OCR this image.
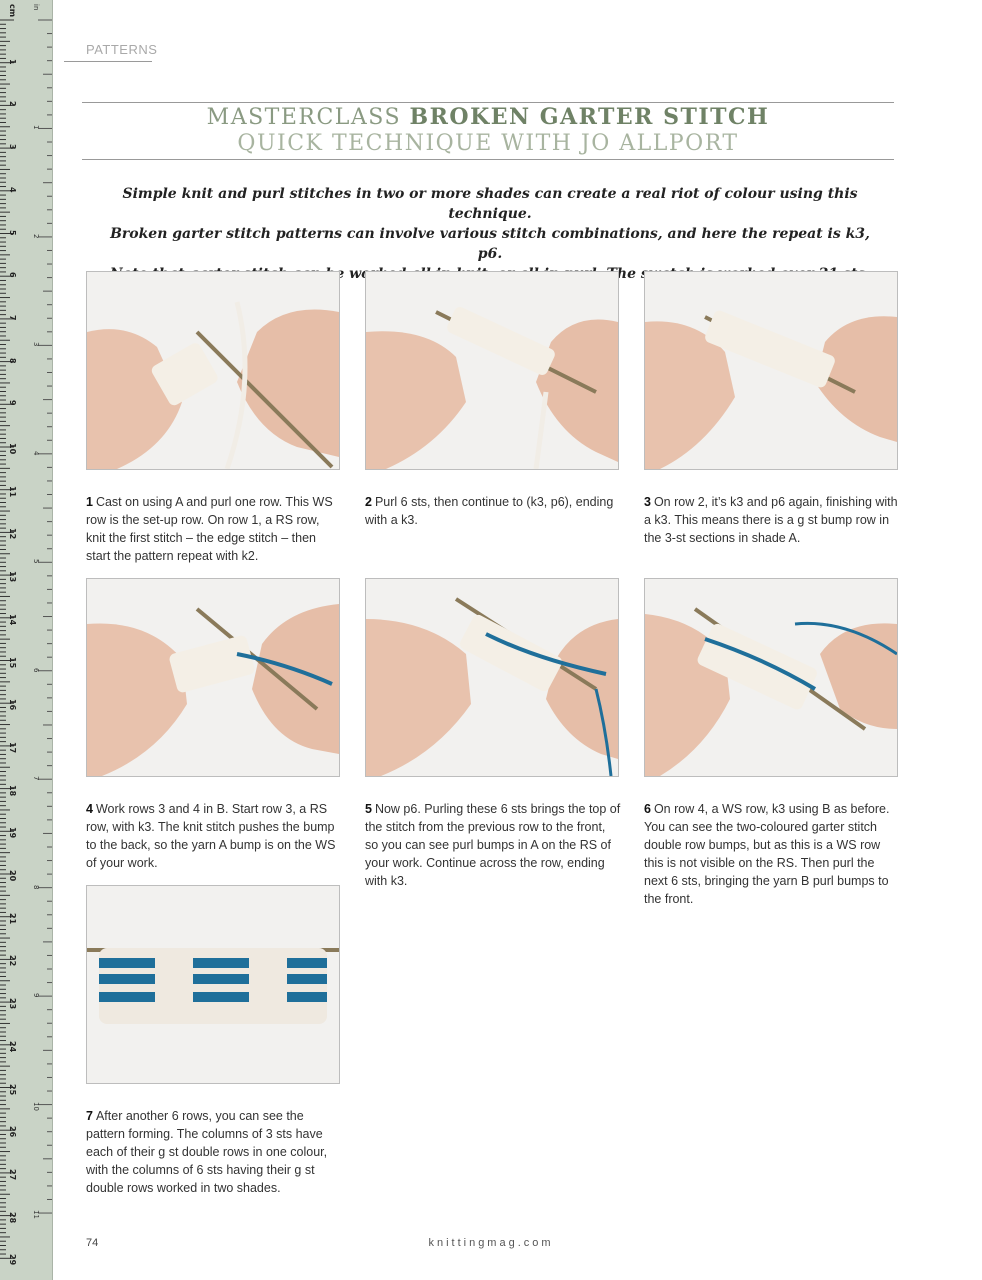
cm in
1
2
3
4
5
6
7
8
9
10
11
12
13
14
15
16
17
18
19
20
21
22
23
24
25
26
27
28
29
1
2
3
4
5
6
7
8
9
10
11
PATTERNS
MASTERCLASS BROKEN GARTER STITCH
QUICK TECHNIQUE WITH JO ALLPORT

Simple knit and purl stitches in two or more shades can create a real riot of colour using this technique.

Broken garter stitch patterns can involve various stitch combinations, and here the repeat is k3, p6.

The

1 Cast on using A and purl one row. This WS row is the set-up row. On row 1, a RS row, knit the first stitch – the edge stitch – then start the pattern repeat with k2.
2 Purl 6 sts, then continue to (k3, p6), ending with a k3.
3 On row 2, it’s k3 and p6 again, finishing with a k3. This means there is a g st bump row in the 3-st sections in shade A.
4 Work rows 3 and 4 in B. Start row 3, a RS row, with k3. The knit stitch pushes the bump to the back, so the yarn A bump is on the WS of your work.
5 Now p6. Purling these 6 sts brings the top of the stitch from the previous row to the front, so you can see purl bumps in A on the RS of your work. Continue across the row, ending with k3.
6 On row 4, a WS row, k3 using B as before. You can see the two-coloured garter stitch double row bumps, but as this is a WS row this is not visible on the RS. Then purl the next 6 sts, bringing the yarn B purl bumps to the front.
7 After another 6 rows, you can see the pattern forming. The columns of 3 sts have each of their g st double rows in one colour, with the columns of 6 sts having their g st double rows worked in two shades.
74	knittingmag.com
